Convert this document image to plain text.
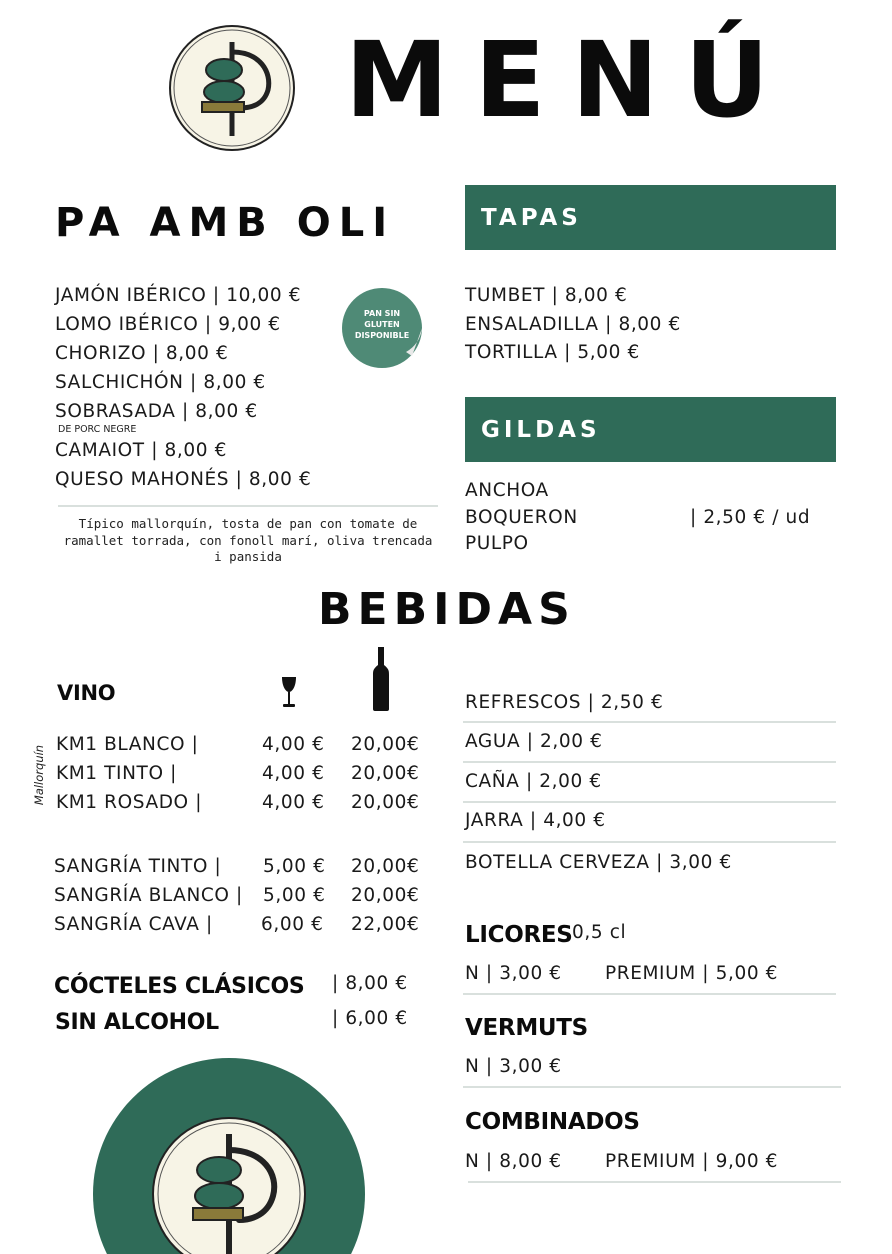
MENÚ
PA AMB OLI
JAMÓN IBÉRICO | 10,00 €
LOMO IBÉRICO | 9,00 €
CHORIZO | 8,00 €
SALCHICHÓN | 8,00 €
SOBRASADA | 8,00 €
DE PORC NEGRE
CAMAIOT | 8,00 €
QUESO MAHONÉS | 8,00 €
PAN SIN
GLUTEN
DISPONIBLE
Típico mallorquín, tosta de pan con tomate de ramallet torrada, con fonoll marí, oliva trencada i pansida
TAPAS
TUMBET | 8,00 €
ENSALADILLA | 8,00 €
TORTILLA | 5,00 €
GILDAS
ANCHOA
BOQUERON
PULPO
| 2,50 € / ud
BEBIDAS
VINO
Mallorquín
KM1 BLANCO |	4,00 € 20,00€
KM1 TINTO |	4,00 € 20,00€
KM1 ROSADO |	4,00 € 20,00€
SANGRÍA TINTO | 5,00 € 20,00€
SANGRÍA BLANCO | 5,00 € 20,00€
SANGRÍA CAVA |	6,00 € 22,00€
CÓCTELES CLÁSICOS | 8,00 €
SIN ALCOHOL	| 6,00 €
REFRESCOS | 2,50 €
AGUA | 2,00 €
CAÑA | 2,00 €
JARRA | 4,00 €
BOTELLA CERVEZA | 3,00 €
LICORES 0,5 cl
N | 3,00 € PREMIUM | 5,00 €
VERMUTS
N | 3,00 €
COMBINADOS
N | 8,00 € PREMIUM | 9,00 €
